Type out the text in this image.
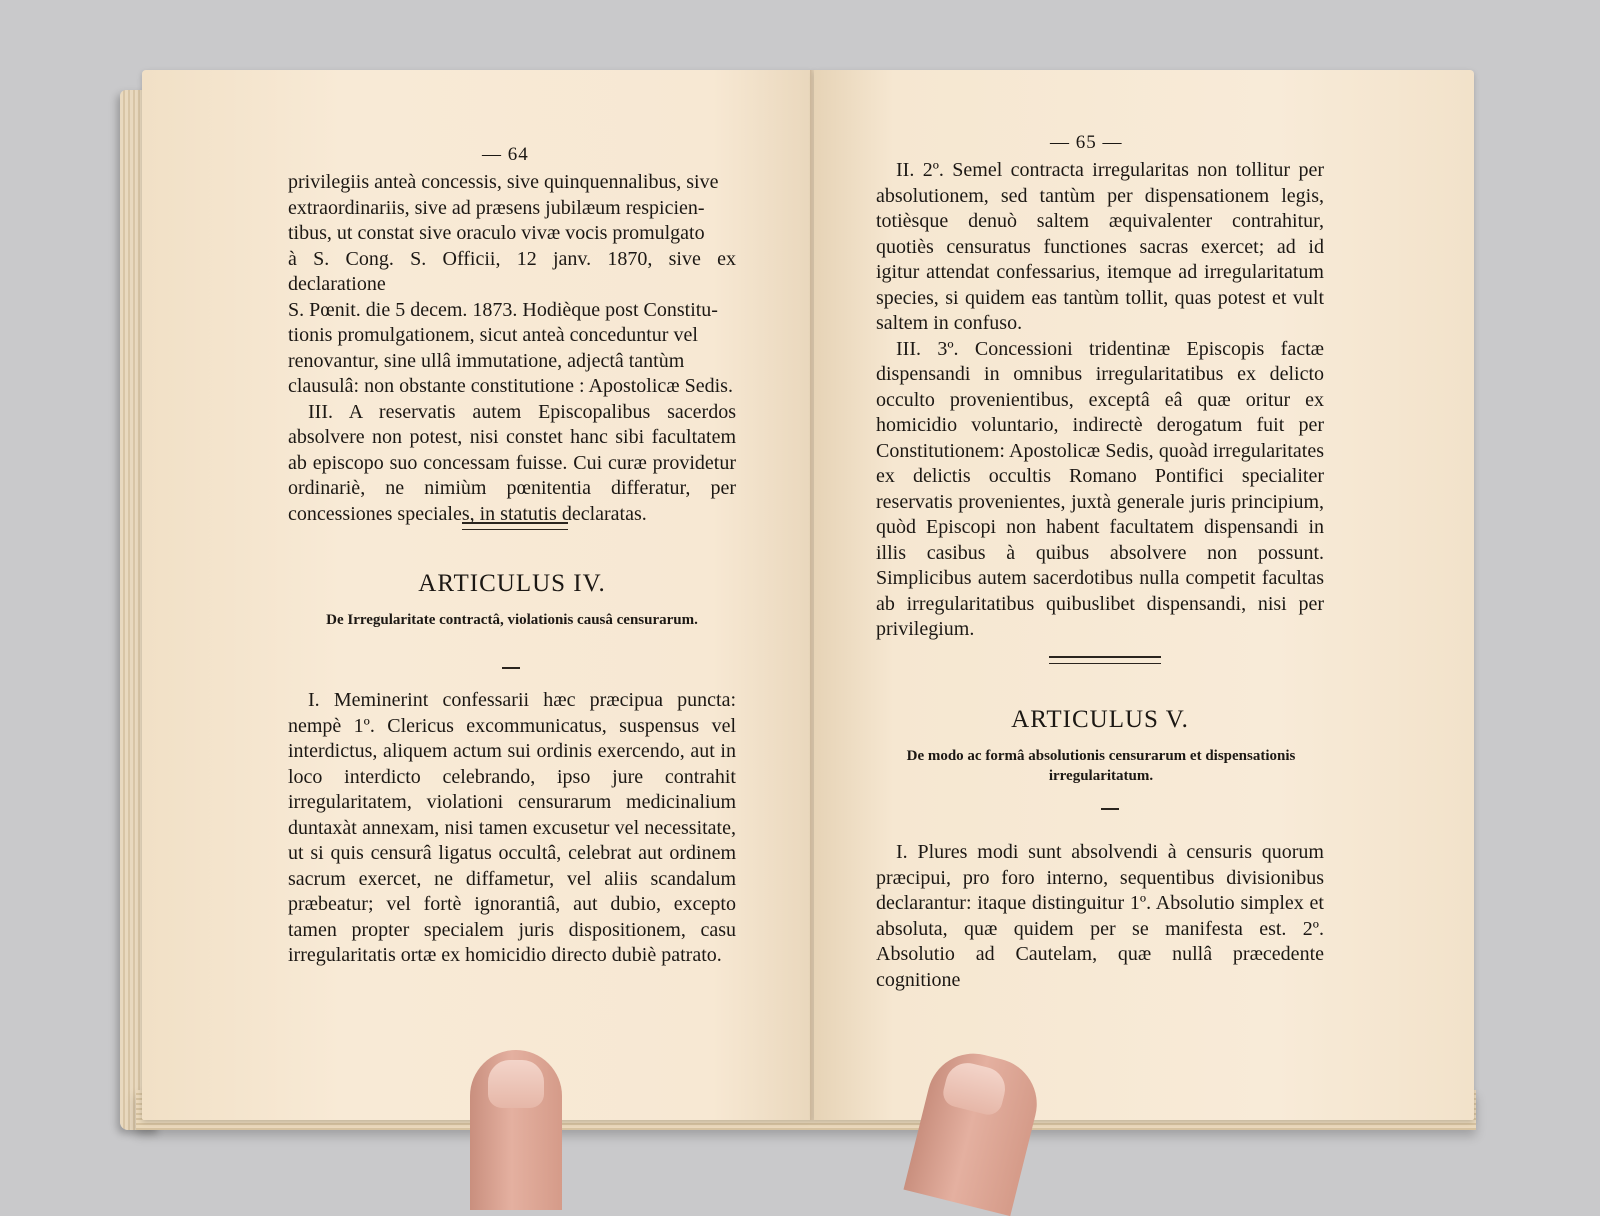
— 64

privilegiis anteà concessis, sive quinquennalibus, sive

extraordinariis, sive ad præsens jubilæum respicien-

tibus, ut constat sive oraculo vivæ vocis promulgato

à S. Cong. S. Officii, 12 janv. 1870, sive ex declaratione

S. Pœnit. die 5 decem. 1873. Hodièque post Constitu-

tionis promulgationem, sicut anteà conceduntur vel

renovantur, sine ullâ immutatione, adjectâ tantùm

clausulâ: non obstante constitutione : Apostolicæ Sedis.

III. A reservatis autem Episcopalibus sacerdos absolvere non potest, nisi constet hanc sibi facultatem ab episcopo suo concessam fuisse. Cui curæ providetur ordinariè, ne nimiùm pœnitentia differatur, per concessiones speciales, in statutis declaratas.

ARTICULUS IV.
De Irregularitate contractâ, violationis causâ censurarum.

I. Meminerint confessarii hæc præcipua puncta: nempè 1º. Clericus excommunicatus, suspensus vel interdictus, aliquem actum sui ordinis exercendo, aut in loco interdicto celebrando, ipso jure contrahit irregularitatem, violationi censurarum medicinalium duntaxàt annexam, nisi tamen excusetur vel necessitate, ut si quis censurâ ligatus occultâ, celebrat aut ordinem sacrum exercet, ne diffametur, vel aliis scandalum præbeatur; vel fortè ignorantiâ, aut dubio, excepto tamen propter specialem juris dispositionem, casu irregularitatis ortæ ex homicidio directo dubiè patrato.

— 65 —

II. 2º. Semel contracta irregularitas non tollitur per absolutionem, sed tantùm per dispensationem legis, totièsque denuò saltem æquivalenter contrahitur, quotiès censuratus functiones sacras exercet; ad id igitur attendat confessarius, itemque ad irregularitatum species, si quidem eas tantùm tollit, quas potest et vult saltem in confuso.

III. 3º. Concessioni tridentinæ Episcopis factæ dispensandi in omnibus irregularitatibus ex delicto occulto provenientibus, exceptâ eâ quæ oritur ex homicidio voluntario, indirectè derogatum fuit per Constitutionem: Apostolicæ Sedis, quoàd irregularitates ex delictis occultis Romano Pontifici specialiter reservatis provenientes, juxtà generale juris principium, quòd Episcopi non habent facultatem dispensandi in illis casibus à quibus absolvere non possunt. Simplicibus autem sacerdotibus nulla competit facultas ab irregularitatibus quibuslibet dispensandi, nisi per privilegium.

ARTICULUS V.
De modo ac formâ absolutionis censurarum et dispensationis irregularitatum.

I. Plures modi sunt absolvendi à censuris quorum præcipui, pro foro interno, sequentibus divisionibus declarantur: itaque distinguitur 1º. Absolutio simplex et absoluta, quæ quidem per se manifesta est. 2º. Absolutio ad Cautelam, quæ nullâ præcedente cognitione
